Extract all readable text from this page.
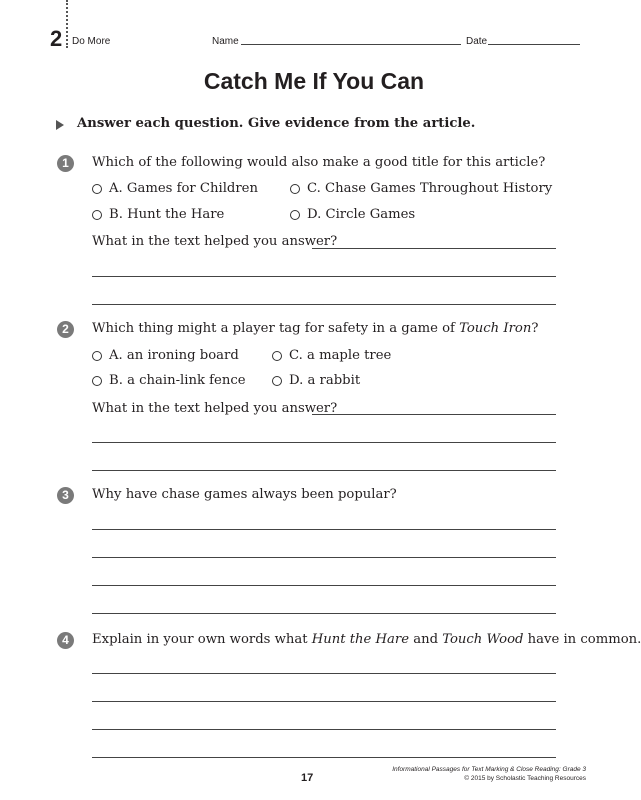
2 Do More	Name	Date
Catch Me If You Can
Answer each question. Give evidence from the article.
1	Which of the following would also make a good title for this article?
A.
Games for Children	C.
Chase Games Throughout History
B.
Hunt the Hare	D.
Circle Games
What in the text helped you answer?
2	Which thing might a player tag for safety in a game of Touch Iron?
A.
an ironing board	C.
a maple tree
B.
a chain-link fence	D.
a rabbit
What in the text helped you answer?
3	Why have chase games always been popular?
4	Explain in your own words what Hunt the Hare and Touch Wood have in common.
17
Informational Passages for Text Marking & Close Reading: Grade 3
© 2015 by Scholastic Teaching Resources
